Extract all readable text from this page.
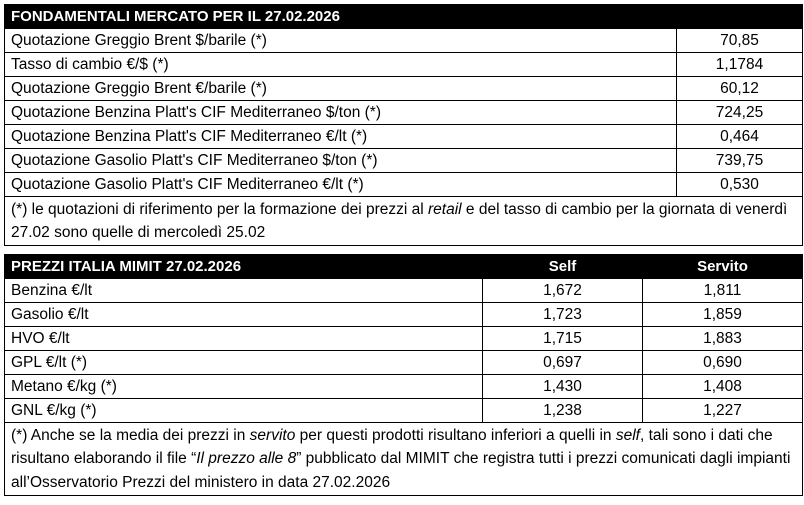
FONDAMENTALI MERCATO PER IL 27.02.2026	
Quotazione Greggio Brent $/barile (*)	70,85
Tasso di cambio €/$ (*)	1,1784
Quotazione Greggio Brent €/barile (*)	60,12
Quotazione Benzina Platt's CIF Mediterraneo $/ton (*)	724,25
Quotazione Benzina Platt's CIF Mediterraneo €/lt (*)	0,464
Quotazione Gasolio Platt's CIF Mediterraneo $/ton (*)	739,75
Quotazione Gasolio Platt's CIF Mediterraneo €/lt (*)	0,530
(*) le quotazioni di riferimento per la formazione dei prezzi al retail e del tasso di cambio per la giornata di venerdì 27.02 sono quelle di mercoledì 25.02	
PREZZI ITALIA MIMIT 27.02.2026	Self	Servito
Benzina €/lt	1,672	1,811
Gasolio €/lt	1,723	1,859
HVO €/lt	1,715	1,883
GPL €/lt (*)	0,697	0,690
Metano €/kg (*)	1,430	1,408
GNL €/kg (*)	1,238	1,227
(*) Anche se la media dei prezzi in servito per questi prodotti risultano inferiori a quelli in self, tali sono i dati che risultano elaborando il file “Il prezzo alle 8” pubblicato dal MIMIT che registra tutti i prezzi comunicati dagli impianti all’Osservatorio Prezzi del ministero in data 27.02.2026		
